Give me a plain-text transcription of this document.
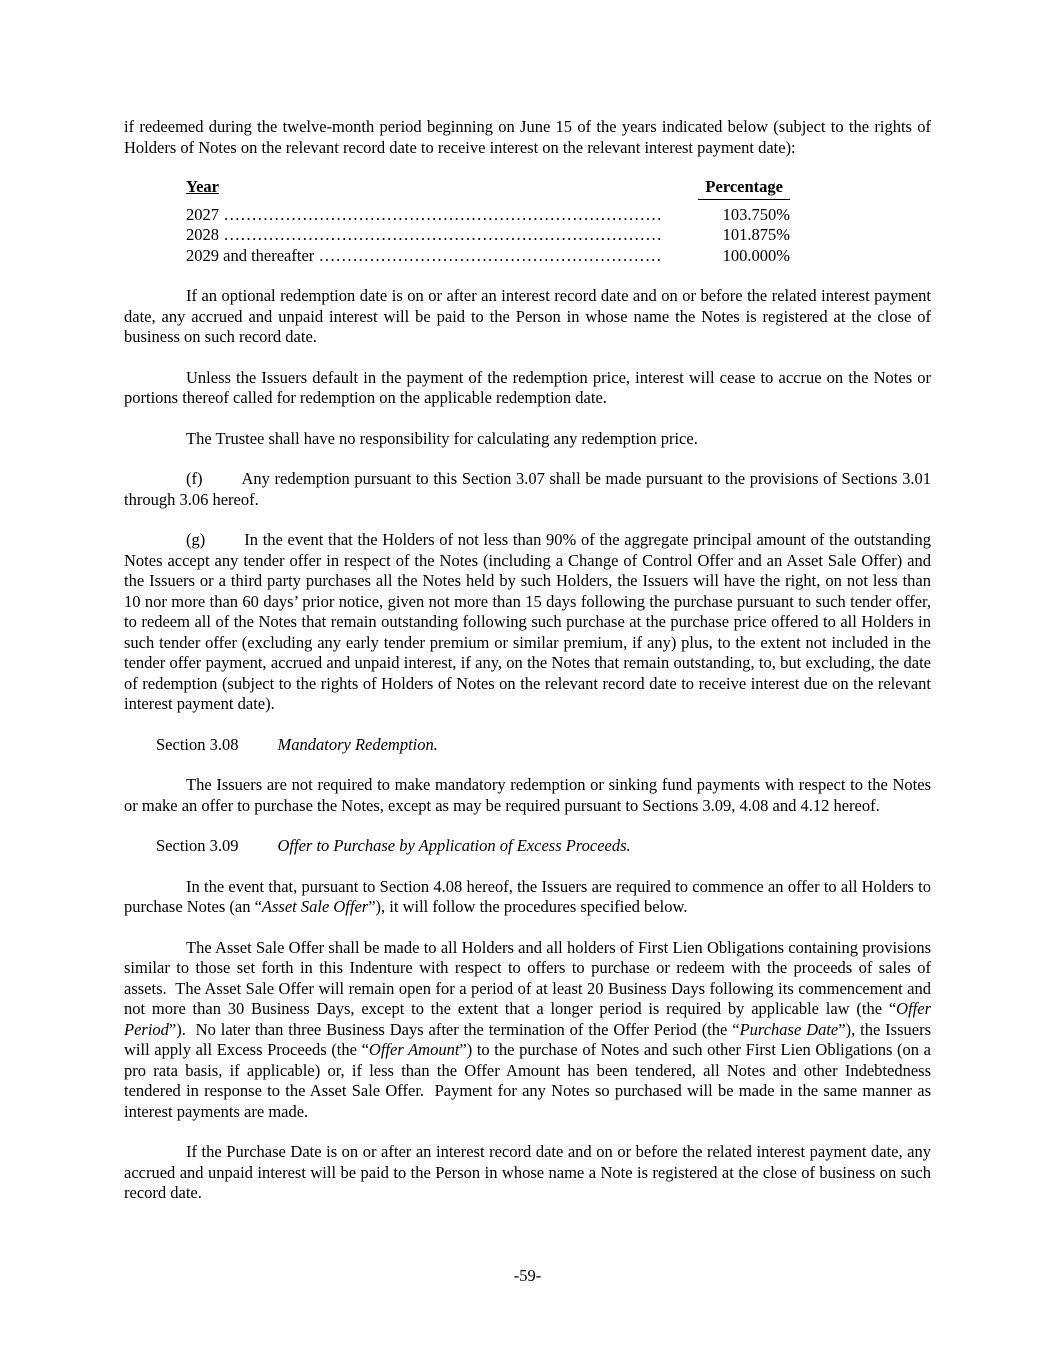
if redeemed during the twelve-month period beginning on June 15 of the years indicated below (subject to the rights of Holders of Notes on the relevant record date to receive interest on the relevant interest payment date):

Year	Percentage
2027 .....	103.750%
2028 .....	101.875%
2029 and thereafter .....	100.000%

If an optional redemption date is on or after an interest record date and on or before the related interest payment date, any accrued and unpaid interest will be paid to the Person in whose name the Notes is registered at the close of business on such record date.

Unless the Issuers default in the payment of the redemption price, interest will cease to accrue on the Notes or portions thereof called for redemption on the applicable redemption date.

The Trustee shall have no responsibility for calculating any redemption price.

(f) Any redemption pursuant to this Section 3.07 shall be made pursuant to the provisions of Sections 3.01 through 3.06 hereof.

(g) In the event that the Holders of not less than 90% of the aggregate principal amount of the outstanding Notes accept any tender offer in respect of the Notes (including a Change of Control Offer and an Asset Sale Offer) and the Issuers or a third party purchases all the Notes held by such Holders, the Issuers will have the right, on not less than 10 nor more than 60 days’ prior notice, given not more than 15 days following the purchase pursuant to such tender offer, to redeem all of the Notes that remain outstanding following such purchase at the purchase price offered to all Holders in such tender offer (excluding any early tender premium or similar premium, if any) plus, to the extent not included in the tender offer payment, accrued and unpaid interest, if any, on the Notes that remain outstanding, to, but excluding, the date of redemption (subject to the rights of Holders of Notes on the relevant record date to receive interest due on the relevant interest payment date).

Section 3.08 Mandatory Redemption.

The Issuers are not required to make mandatory redemption or sinking fund payments with respect to the Notes or make an offer to purchase the Notes, except as may be required pursuant to Sections 3.09, 4.08 and 4.12 hereof.

Section 3.09 Offer to Purchase by Application of Excess Proceeds.

In the event that, pursuant to Section 4.08 hereof, the Issuers are required to commence an offer to all Holders to purchase Notes (an “Asset Sale Offer”), it will follow the procedures specified below.

The Asset Sale Offer shall be made to all Holders and all holders of First Lien Obligations containing provisions similar to those set forth in this Indenture with respect to offers to purchase or redeem with the proceeds of sales of assets.  The Asset Sale Offer will remain open for a period of at least 20 Business Days following its commencement and not more than 30 Business Days, except to the extent that a longer period is required by applicable law (the “Offer Period”).  No later than three Business Days after the termination of the Offer Period (the “Purchase Date”), the Issuers will apply all Excess Proceeds (the “Offer Amount”) to the purchase of Notes and such other First Lien Obligations (on a pro rata basis, if applicable) or, if less than the Offer Amount has been tendered, all Notes and other Indebtedness tendered in response to the Asset Sale Offer.  Payment for any Notes so purchased will be made in the same manner as interest payments are made.

If the Purchase Date is on or after an interest record date and on or before the related interest payment date, any accrued and unpaid interest will be paid to the Person in whose name a Note is registered at the close of business on such record date.

-59-
